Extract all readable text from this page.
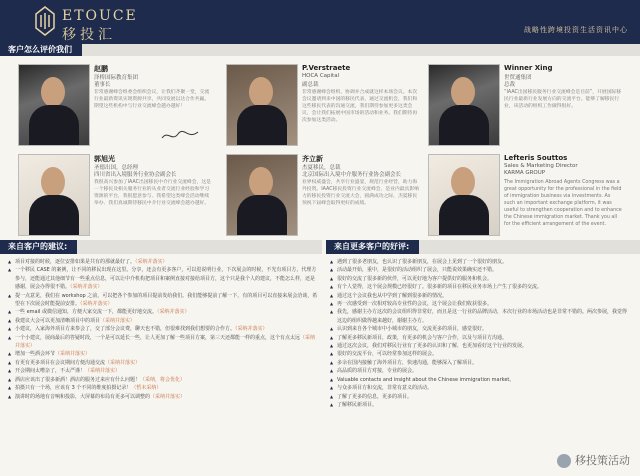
ETOUCE
移投汇	战略性跨境投资生活资讯中心
客户怎么评价我们
赵鹏
泽桥国际教育集团
董事长
非常感谢峰会组委会组织会议，让我们齐聚一堂，交流行业最新资讯实现资源共享，共同发展以达合作共赢。期望这些机构中与行业交流峰会越办越好！
P.Verstraete
HOCA Capital
副总裁
非常感谢峰会组织，协调并合成就这样本场会议。本次会议邀请到来中国的移民代表，通过交流机会，我们和这些移民代表的沟通交流，我们期待参加更多这类会议，会让我们拓展中国市场的活动和业务。我们期待再次参加这类活动。
Winner Xing
世贸通集团
总裁
“IAAC出国移民服务行业交流峰会是目前”，开展国际移民行业最新行业发展方向的交流平台。能够了解移民行业，该活动的组织工作做得很好。
郭旭光
圣德出国，总经理
四川省出入境服务行业协会副会长
我很高兴参加了IAAC出国移民中介行业交流峰会，这是一个移民及相关服务行业的从业者交流行业经验和学习资源的平台，我很愿意参与、我希望这类峰会活动继续举办、我们真诚期待移民中介行业交流峰会越办越好。
齐立新
杰夏移民，总裁
北京国际出入境中介服务行业协会副会长
业界权威盛会，共享行业盛宴，规范行业经营，助力海外投资。IAAC移民投资行业交流峰会，是业内最具影响力的移民投资行业交流大会，圆满成功之际，杰夏移民预祝下届峰会取得更好的成绩。
Lefteris Souttos
Sales & Marketing Director
KARMA GROUP
The Immigration Abroad Agents Congress was a great opportunity for the professional in the field of immigration business via investments. As such an important exchange platform, it was useful to strengthen cooperation and to enhance the Chinese immigration market. Thank you all for the efficient arrangement of the event.
来自客户的建议:	来自更多客户的好评:
▲ 项目对接的时候，逐位安排如果是共有的那就最好了。（采纳并落实）
▲ 一个移民 CASE 的案例，让不同的移民出现在这里。分享，还会有更多客户，可以进说明行业，下次展会的时候，不光有项目方，代理方参与，还能通过其他细节有一些重点信息，可以让中介机构把项目和案例直接对接给项目方，这个只是我个人的建议，不能怎么样，还是感谢，展会办得很不错。（采纳并落实）
▲ 提一点意见，我们在 workshop 之前，可以把各个参加的项目提前发给我们。我们能够提前了解一下，有的项目可以直接来展会洽谈，希望在下次展会时能提前安排。（采纳并落实）
▲ 一些 email 或微信通知，方便大家交流一下，都能更好地交流。（采纳并落实）
▲ 我建议大会可以更加清晰项目中的项目（采纳并落实）
▲ 小建议，入家海外项目方来参会了，交了部分会议费，聊天也不错，但很难找到我们想要的合作方。（采纳并落实）
▲ 一个小建议，展商最后的答疑时段，一个是可以延长一些，让人更加了解一些项目方案，第三天还都能一样的重点，这个有点太远（采纳并落实）
▲ 增加一些酒会环节（采纳并落实）
▲ 有更有更多项目在会议期间方便沟通交流（采纳并落实）
▲ 开会期间太嘈杂了，不太严谨！（采纳并落实）
▲ 酒店应该出了很多新酒！酒店的服务过来应有什么问题！（采纳，将会优化）
▲ 拍摄只有一个场，应该有 3 个不同的维度拍摄记录！（暂未采纳）
▲ 演讲时的场地有音响和投影，大屏幕的布局有更多可以调整的（采纳并落实）
▲ 遇到了很多老朋友，也认识了很多新朋友，在展会上见到了一个很好的朋友。
▲ 活动最开始，重中，是很好的活动组织了展会，只能说效果确实还不错。
▲ 很好的交流了很多新的伙伴，可以更好地为客户提供好的服务和机会。
▲ 有个人觉得，这个展会规模已经很好了。很多新的项目在移民业务市场上产生了很多的交流。
▲ 通过这个会议我也从中学到了解到很多新的情况。
▲ 再一次感受到一次相对较高专业性的会议，这个展会让我们收获很多。
▲ 我先，感谢主办方这次的会议组织得非常好，而且是这一行业的品牌活动，本次行业的市场活动也是非常不错的。两次参展，我觉得这边的组织做得越来越好，谢谢主办方。
▲ 认识到来自各个城市中小城市的朋友，交流更多的项目，感觉很好。
▲ 了解更多移民新项目，政策，有更多的机会与客户合作，以及与项目方沟通。
▲ 通过这次会议，我们对移民行业有了更多的认识和了解，也更加看好这个行业的发展。
▲ 很好的交流平台，可以经常参加这样的展会。
▲ 多余在国内接触了海外项目方，快速沟通，能够深入了解项目。
▲ 高品质的项目方对接，专业的展会。
▲ Valuable contacts and insight about the Chinese immigration market。
▲ 与众多项目方和交流，非常有意义的活动。
▲ 了解了更多的信息，更多的项目。
▲ 了解移民新项目。
移投策活动
